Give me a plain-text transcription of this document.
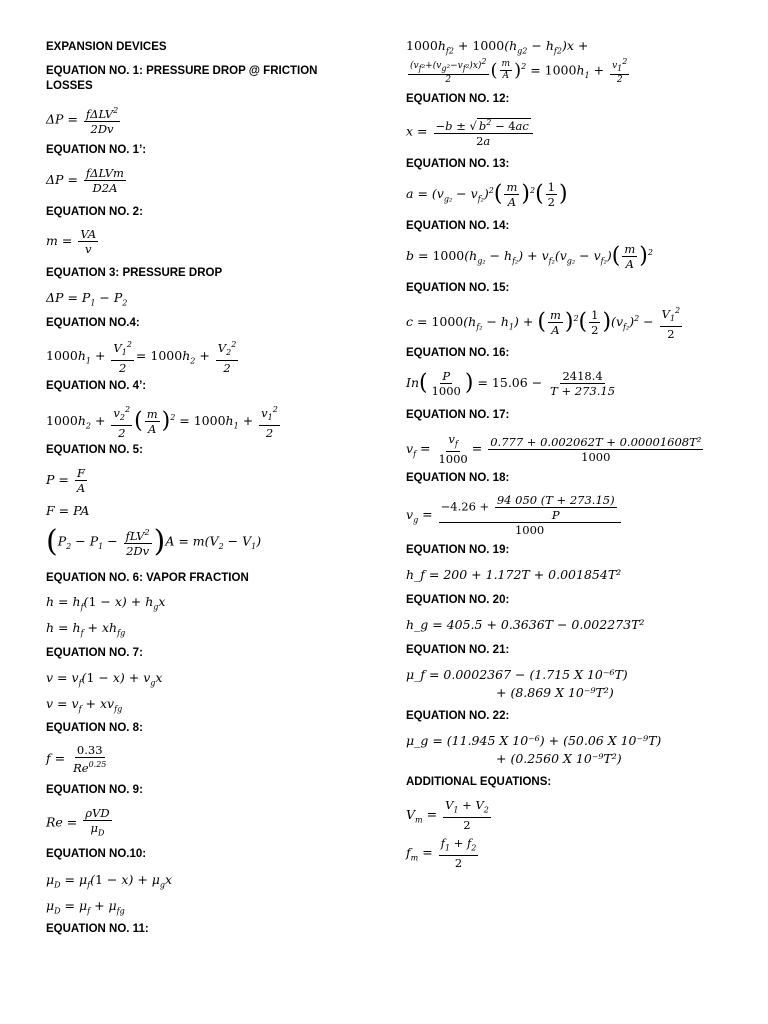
EXPANSION DEVICES
EQUATION NO. 1: PRESSURE DROP @ FRICTION LOSSES
$\Delta P = \frac{f\Delta LV^2}{2Dv}$
EQUATION NO. 1’:
$\Delta P = \frac{\text{fΔLVm}}{D2A}$
EQUATION NO. 2:
$m = \frac{VA}{v}$
EQUATION 3: PRESSURE DROP
$\Delta P = P_1 - P_2$
EQUATION NO.4:
$1000h_1 + \frac{V_1^2}{2} = 1000h_2 + \frac{V_2^2}{2}$
EQUATION NO. 4’:
$1000h_2 + \frac{v_2^2}{2}$ ( $\frac{m}{A} )^2 = 1000h_1 + \frac{v_1^2}{2}$
EQUATION NO. 5:
$P = \frac{F}{A}$
F = PA
$(P_2 - P_1 - \frac{fLV^2}{2Dv} )A = m(V_2 - V_1)$
EQUATION NO. 6: VAPOR FRACTION
$h = h_f(1 - x) + h_gx$
$h = h_f + xh_{fg}$
EQUATION NO. 7:
$v = v_f(1 - x) + v_gx$
$v = v_f + xv_{fg}$
EQUATION NO. 8:
$f = \frac{0.33}{Re^{0.25}}$
EQUATION NO. 9:
$Re = \frac{\text{ρVD}}{\mu_D}$
EQUATION NO.10:
$\mu_D = \mu_f(1 - x) + \mu_gx$
$\mu_D = \mu_f + \mu_{fg}$
EQUATION NO. 11:
$1000h_{f2} + 1000(h_{g2} - h_{f2})x$ +
$\frac{(v_f_2+(v_g_2-v_f_2)x)^2}{2}$ ( $\frac{m}{A} )^2 = 1000h_1 + \frac{v_1^2}{2}$
EQUATION NO. 12:
$x = \frac{-b \pm √ b^2 - 4ac}{2a}$
EQUATION NO. 13:
$a = (v_{g_2} - v_{f_2})^2( \frac{m}{A} )^2( \frac{1}{2}$ )
EQUATION NO. 14:
$b = 1000(h_{g_2} - h_{f_2}) + v_{f_2}(v_{g_2} - v_{f_2})( \frac{m}{A} )^2$
EQUATION NO. 15:
$c = 1000(h_{f_2} - h_1)$ + ( $\frac{m}{A} )^2( \frac{1}{2} )(v_{f_2})^2 - \frac{V_1^2}{2}$
EQUATION NO. 16:
$In( \frac{P}{1000}$ ) = $15.06 - \frac{2418.4}{T + 273.15}$
EQUATION NO. 17:
$v_f = \frac{v_f}{1000} = \frac{\text{0.777 + 0.002062T + 0.00001608T²}}{1000}$
EQUATION NO. 18:
$v_g = \frac{-4.26 + \frac{94 050 (T + 273.15)}{P}}{1000}$
EQUATION NO. 19:
h_f = 200 + 1.172T + 0.001854T²
EQUATION NO. 20:
h_g = 405.5 + 0.3636T − 0.002273T²
EQUATION NO. 21:
μ_f = 0.0002367 − (1.715 X 10⁻⁶T)
+ (8.869 X 10⁻⁹T²)
EQUATION NO. 22:
μ_g = (11.945 X 10⁻⁶) + (50.06 X 10⁻⁹T)
+ (0.2560 X 10⁻⁹T²)
ADDITIONAL EQUATIONS:
$V_m = \frac{V_1 + V_2}{2}$
$f_m = \frac{f_1 + f_2}{2}$
